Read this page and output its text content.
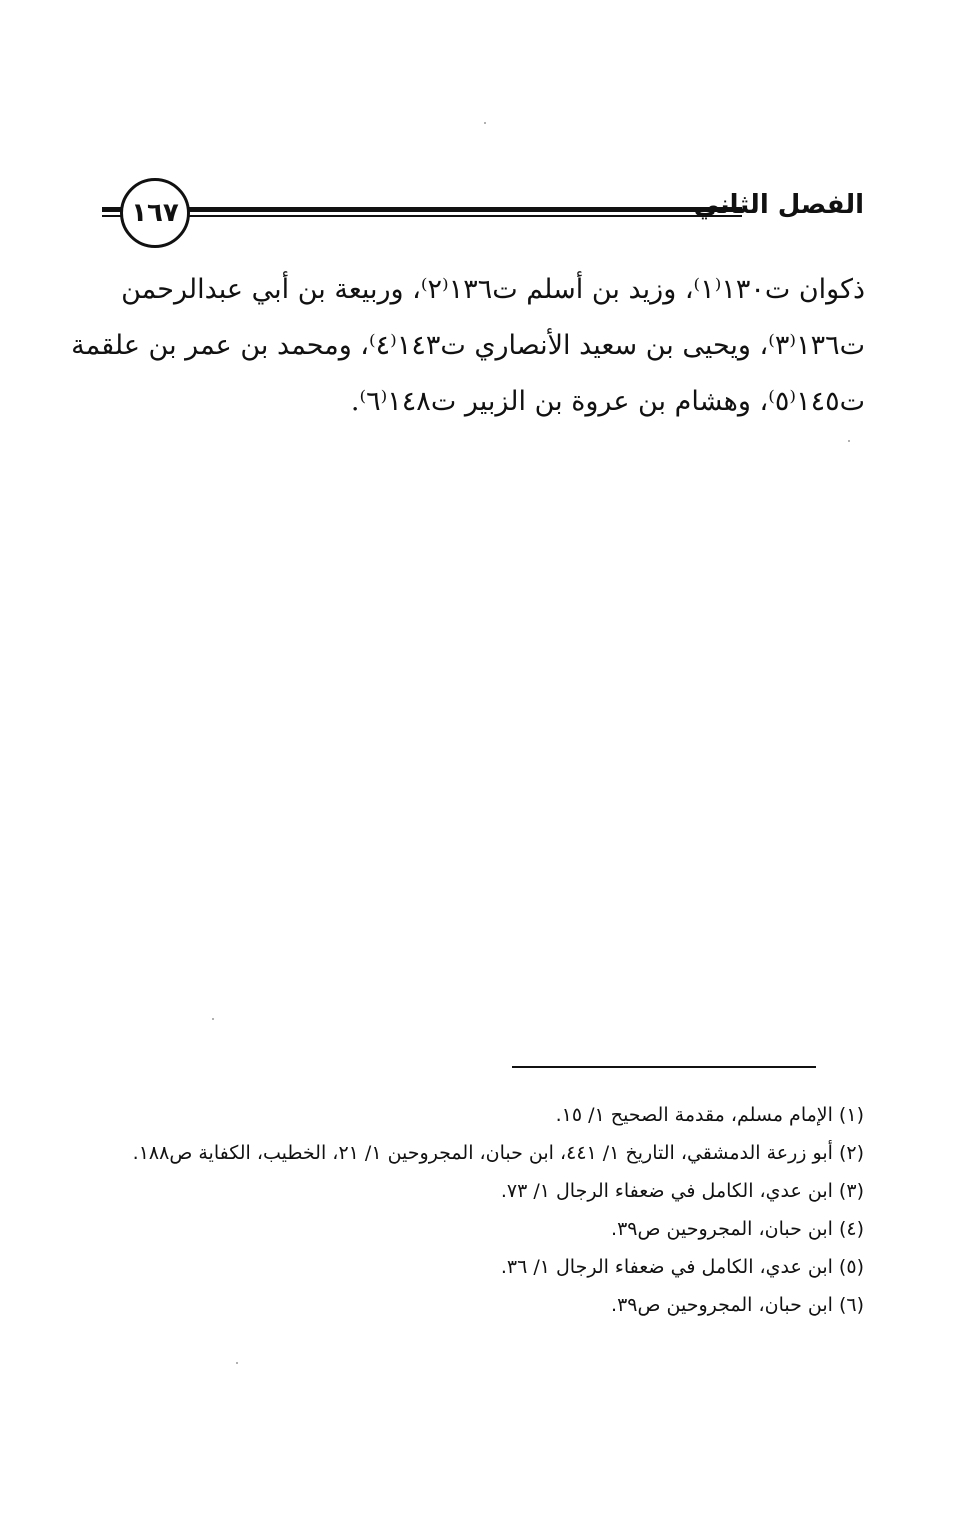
١٦٧	الفصل الثاني
ذكوان ت١٣٠⁽١⁾، وزيد بن أسلم ت١٣٦⁽٢⁾، وربيعة بن أبي عبدالرحمن
ت١٣٦⁽٣⁾، ويحيى بن سعيد الأنصاري ت١٤٣⁽٤⁾، ومحمد بن عمر بن علقمة
ت١٤٥⁽٥⁾، وهشام بن عروة بن الزبير ت١٤٨⁽٦⁾.
(١) الإمام مسلم، مقدمة الصحيح ١/ ١٥.
(٢) أبو زرعة الدمشقي، التاريخ ١/ ٤٤١، ابن حبان، المجروحين ١/ ٢١، الخطيب، الكفاية ص١٨٨.
(٣) ابن عدي، الكامل في ضعفاء الرجال ١/ ٧٣.
(٤) ابن حبان، المجروحين ص٣٩.
(٥) ابن عدي، الكامل في ضعفاء الرجال ١/ ٣٦.
(٦) ابن حبان، المجروحين ص٣٩.
